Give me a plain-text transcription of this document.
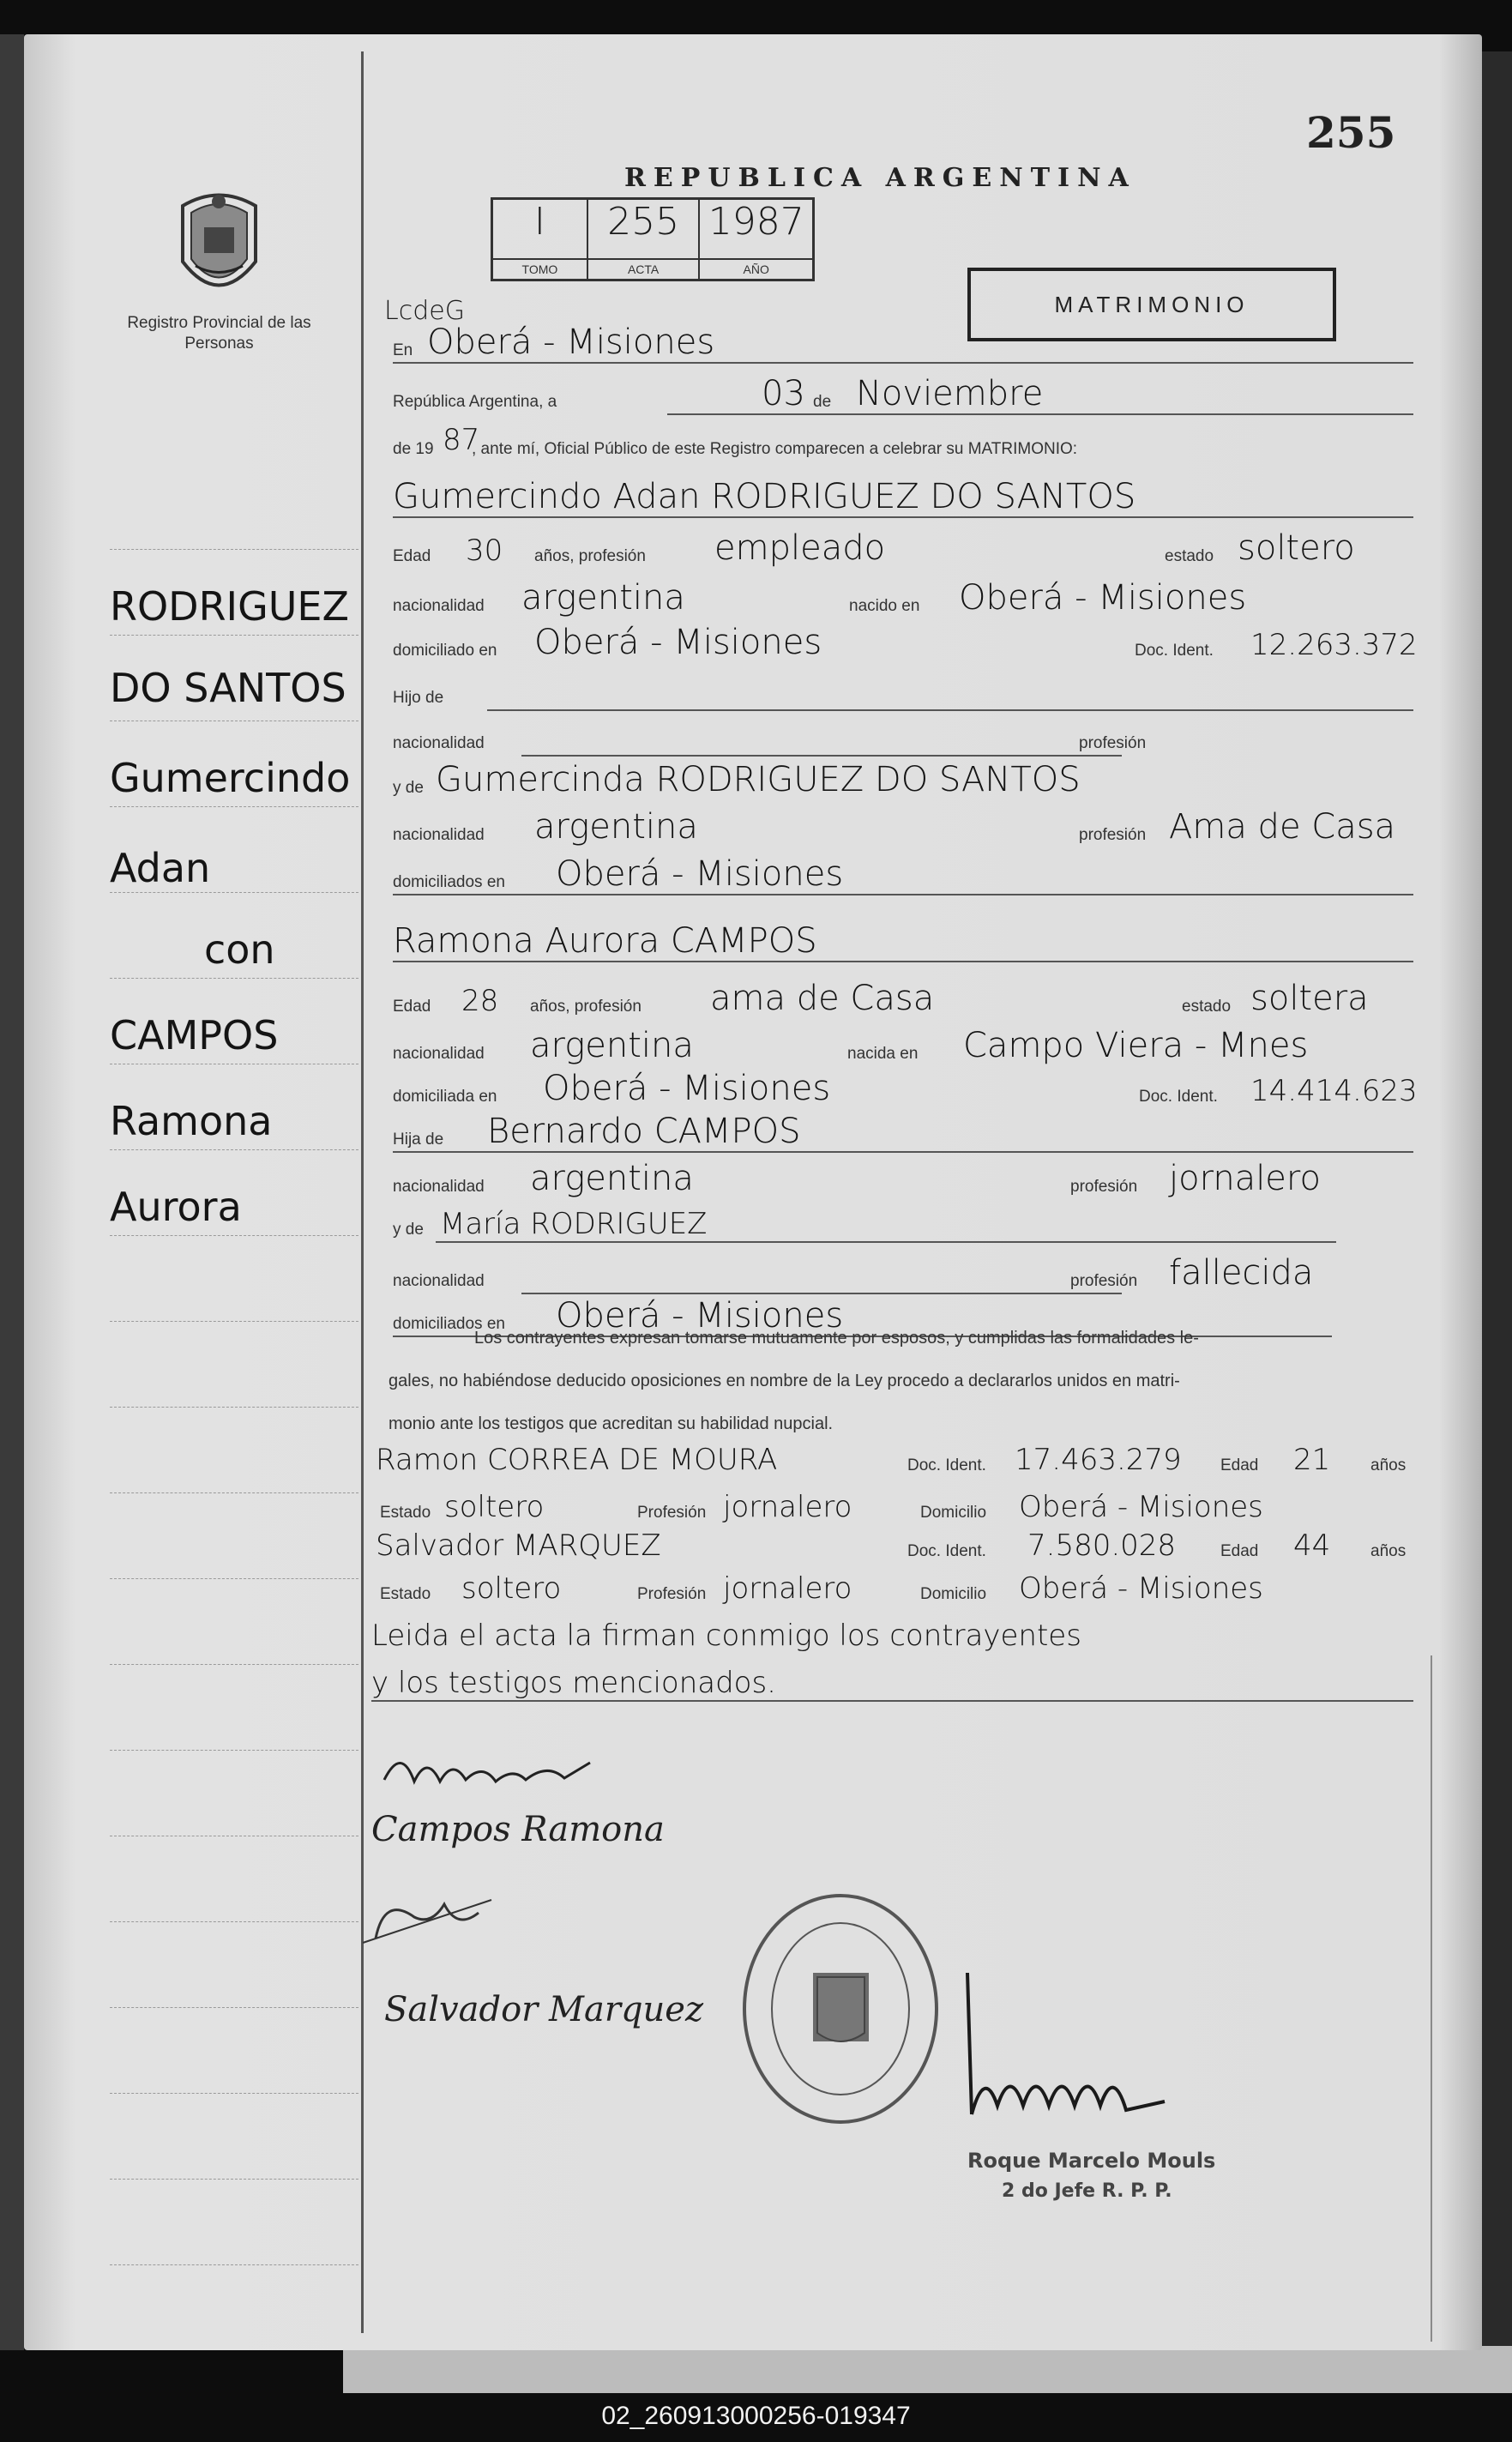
255
REPUBLICA ARGENTINA
Registro Provincial de las Personas
I
TOMO
255
ACTA
1987
AÑO
LcdeG	MATRIMONIO
RODRIGUEZ
DO SANTOS
Gumercindo
Adan
con
CAMPOS
Ramona
Aurora
En Oberá - Misiones
República Argentina, a	03 de Noviembre
de 19 87
, ante mí, Oficial Público de este Registro comparecen a celebrar su MATRIMONIO:
Gumercindo Adan RODRIGUEZ DO SANTOS
Edad 30 años, profesión empleado	estado soltero
nacionalidad argentina	nacido en Oberá - Misiones
domiciliado en Oberá - Misiones	Doc. Ident. 12.263.372
Hijo de
nacionalidad	profesión
y de Gumercinda RODRIGUEZ DO SANTOS
nacionalidad argentina	profesión Ama de Casa
domiciliados en Oberá - Misiones
Ramona Aurora CAMPOS
Edad 28 años, profesión ama de Casa	estado soltera
nacionalidad argentina	nacida en Campo Viera - Mnes
domiciliada en Oberá - Misiones	Doc. Ident. 14.414.623
Hija de Bernardo CAMPOS
nacionalidad argentina	profesión jornalero
y de María RODRIGUEZ
nacionalidad	profesión fallecida
domiciliados en Oberá - Misiones
Los contrayentes expresan tomarse mutuamente por esposos, y cumplidas las formalidades le-
gales, no habiéndose deducido oposiciones en nombre de la Ley procedo a declararlos unidos en matri-
monio ante los testigos que acreditan su habilidad nupcial.
Ramon CORREA DE MOURA	Doc. Ident. 17.463.279 Edad 21 años
Estado soltero	Profesión jornalero	Domicilio Oberá - Misiones
Salvador MARQUEZ	Doc. Ident. 7.580.028	Edad 44 años
Estado soltero	Profesión jornalero	Domicilio Oberá - Misiones
Leida el acta la firman conmigo los contrayentes
y los testigos mencionados.
Campos Ramona
Salvador Marquez
Roque Marcelo Mouls
2 do Jefe R. P. P.
02_260913000256-019347
